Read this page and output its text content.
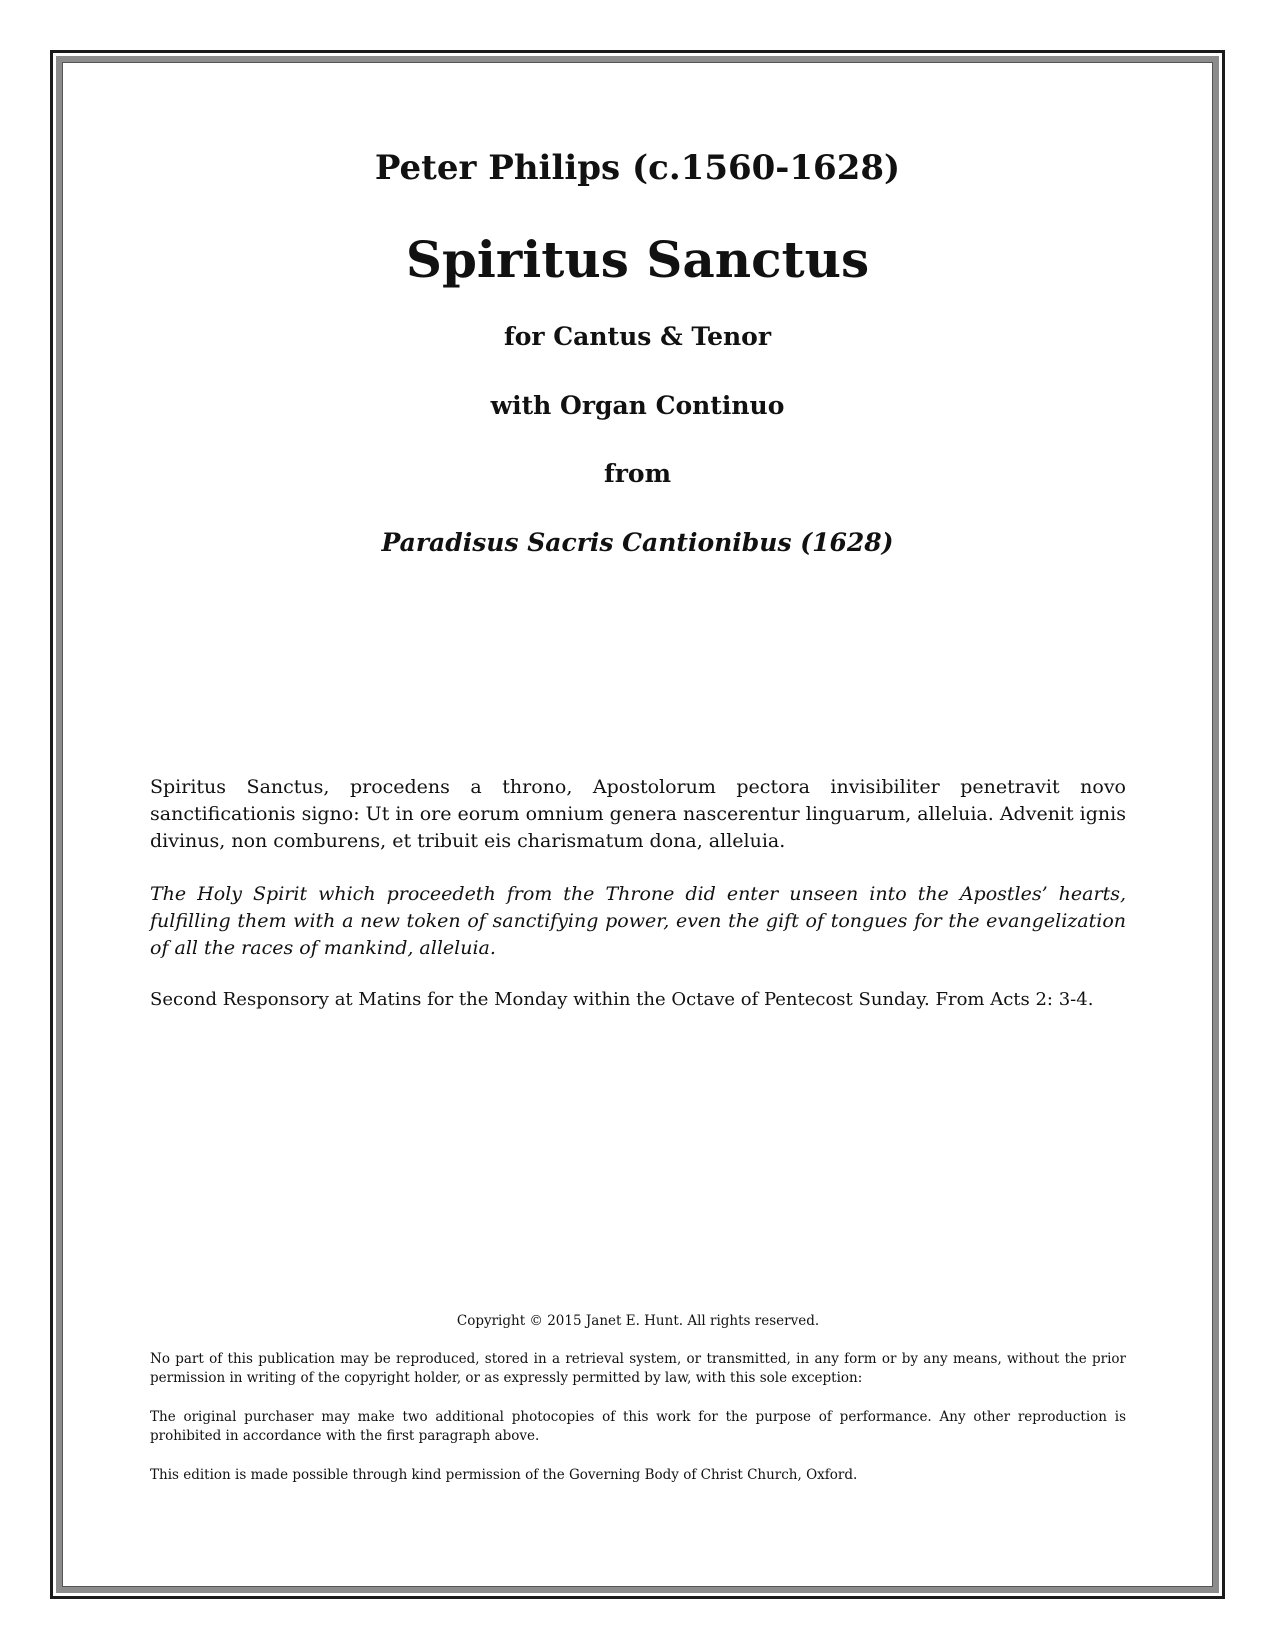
Peter Philips (c.1560-1628)
Spiritus Sanctus
for Cantus & Tenor
with Organ Continuo
from
Paradisus Sacris Cantionibus (1628)

Spiritus Sanctus, procedens a throno, Apostolorum pectora invisibiliter penetravit novo sanctificationis signo: Ut in ore eorum omnium genera nascerentur linguarum, alleluia. Advenit ignis divinus, non comburens, et tribuit eis charismatum dona, alleluia.

The Holy Spirit which proceedeth from the Throne did enter unseen into the Apostles’ hearts, fulfilling them with a new token of sanctifying power, even the gift of tongues for the evangelization of all the races of mankind, alleluia.

Second Responsory at Matins for the Monday within the Octave of Pentecost Sunday. From Acts 2: 3-4.

Copyright © 2015 Janet E. Hunt. All rights reserved.

No part of this publication may be reproduced, stored in a retrieval system, or transmitted, in any form or by any means, without the prior permission in writing of the copyright holder, or as expressly permitted by law, with this sole exception:

The original purchaser may make two additional photocopies of this work for the purpose of performance. Any other reproduction is prohibited in accordance with the first paragraph above.

This edition is made possible through kind permission of the Governing Body of Christ Church, Oxford.
